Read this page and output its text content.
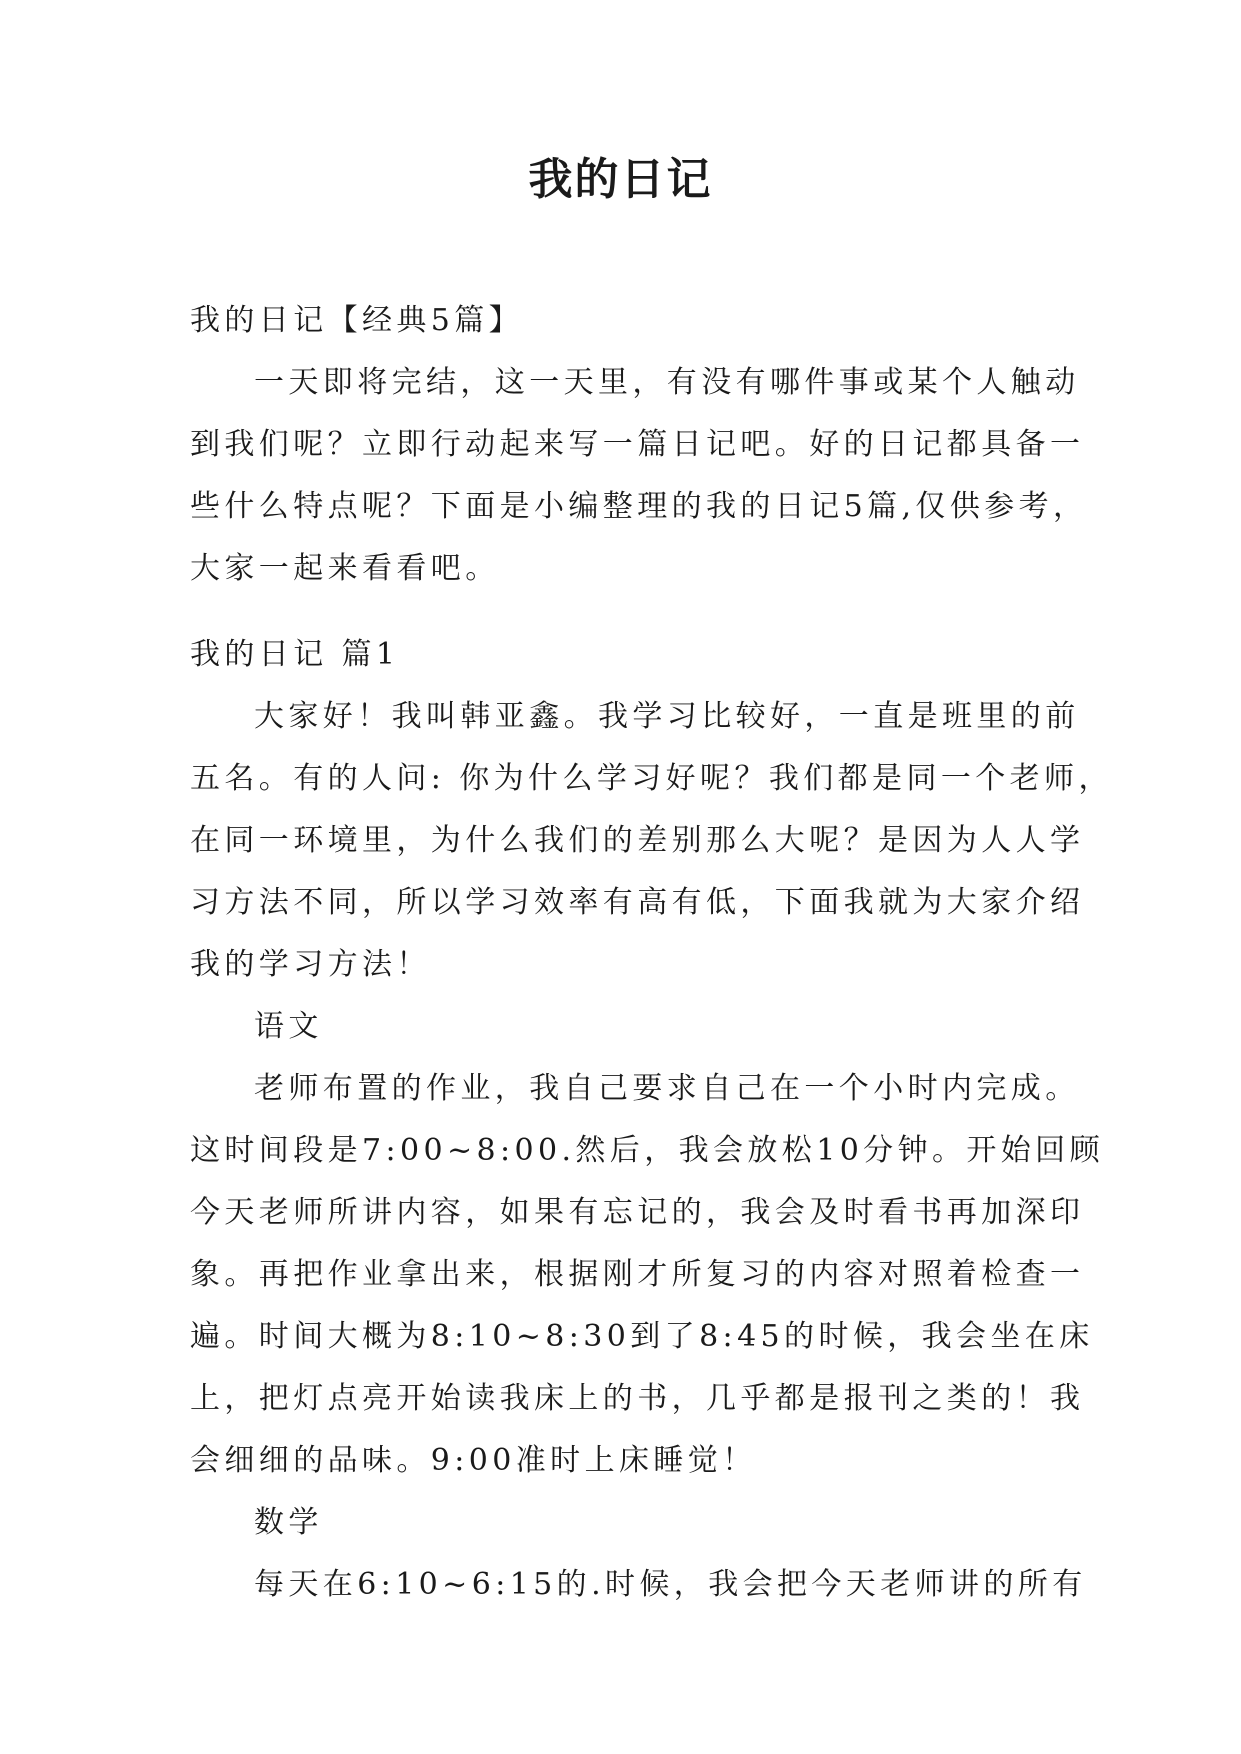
我的日记
我的日记【经典5篇】
一天即将完结，这一天里，有没有哪件事或某个人触动
到我们呢？立即行动起来写一篇日记吧。好的日记都具备一
些什么特点呢？下面是小编整理的我的日记5篇,仅供参考，
大家一起来看看吧。
我的日记 篇1
大家好！我叫韩亚鑫。我学习比较好，一直是班里的前
五名。有的人问: 你为什么学习好呢？我们都是同一个老师，
在同一环境里，为什么我们的差别那么大呢？是因为人人学
习方法不同，所以学习效率有高有低，下面我就为大家介绍
我的学习方法！
语文
老师布置的作业，我自己要求自己在一个小时内完成。
这时间段是7:00~8:00.然后，我会放松10分钟。开始回顾
今天老师所讲内容，如果有忘记的，我会及时看书再加深印
象。再把作业拿出来，根据刚才所复习的内容对照着检查一
遍。时间大概为8:10~8:30到了8:45的时候，我会坐在床
上，把灯点亮开始读我床上的书，几乎都是报刊之类的！我
会细细的品味。9:00准时上床睡觉！
数学
每天在6:10~6:15的.时候，我会把今天老师讲的所有
